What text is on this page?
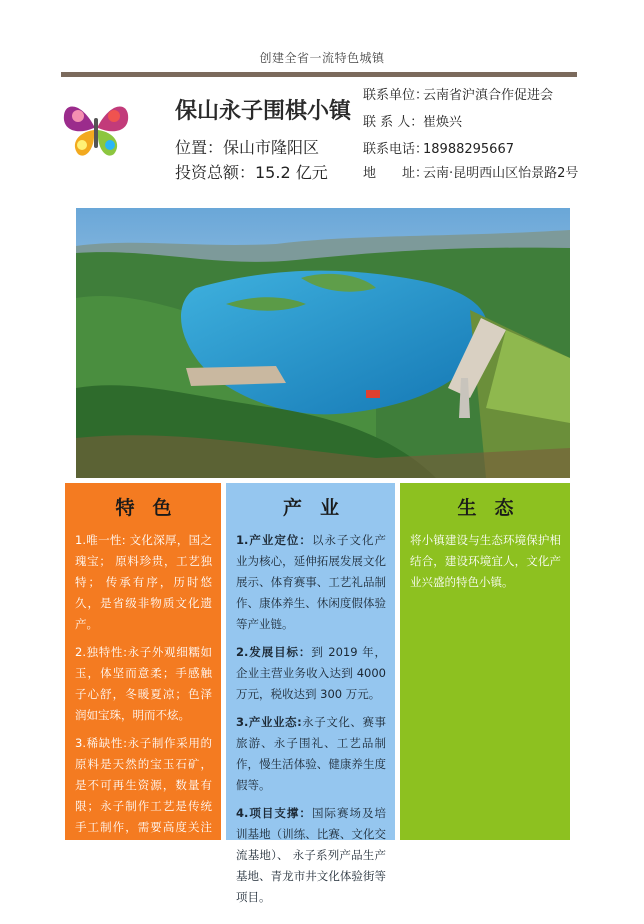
创建全省一流特色城镇
保山永子围棋小镇
位置：保山市隆阳区
投资总额：15.2 亿元
联系单位：云南省沪滇合作促进会
联 系 人：崔焕兴
联系电话：18988295667
地　　址：云南·昆明西山区怡景路2号
特色

1.唯一性: 文化深厚，国之瑰宝； 原料珍贵，工艺独特； 传承有序，历时悠久，是省级非物质文化遗产。

2.独特性:永子外观细糯如玉，体坚而意柔；手感触子心舒，冬暖夏凉；色泽润如宝珠，明而不炫。

3.稀缺性:永子制作采用的原料是天然的宝玉石矿，是不可再生资源，数量有限；永子制作工艺是传统手工制作，需要高度关注温度、色

产业

1.产业定位：以永子文化产业为核心，延伸拓展发展文化展示、体育赛事、工艺礼品制作、康体养生、休闲度假体验等产业链。

2.发展目标：到 2019 年，企业主营业务收入达到 4000 万元，税收达到 300 万元。

3.产业业态:永子文化、赛事旅游、永子围礼、工艺品制作，慢生活体验、健康养生度假等。

4.项目支撑：国际赛场及培训基地（训练、比赛、文化交流基地）、 永子系列产品生产基地、青龙市井文化体验街等项目。

生态

将小镇建设与生态环境保护相结合，建设环境宜人，文化产业兴盛的特色小镇。
